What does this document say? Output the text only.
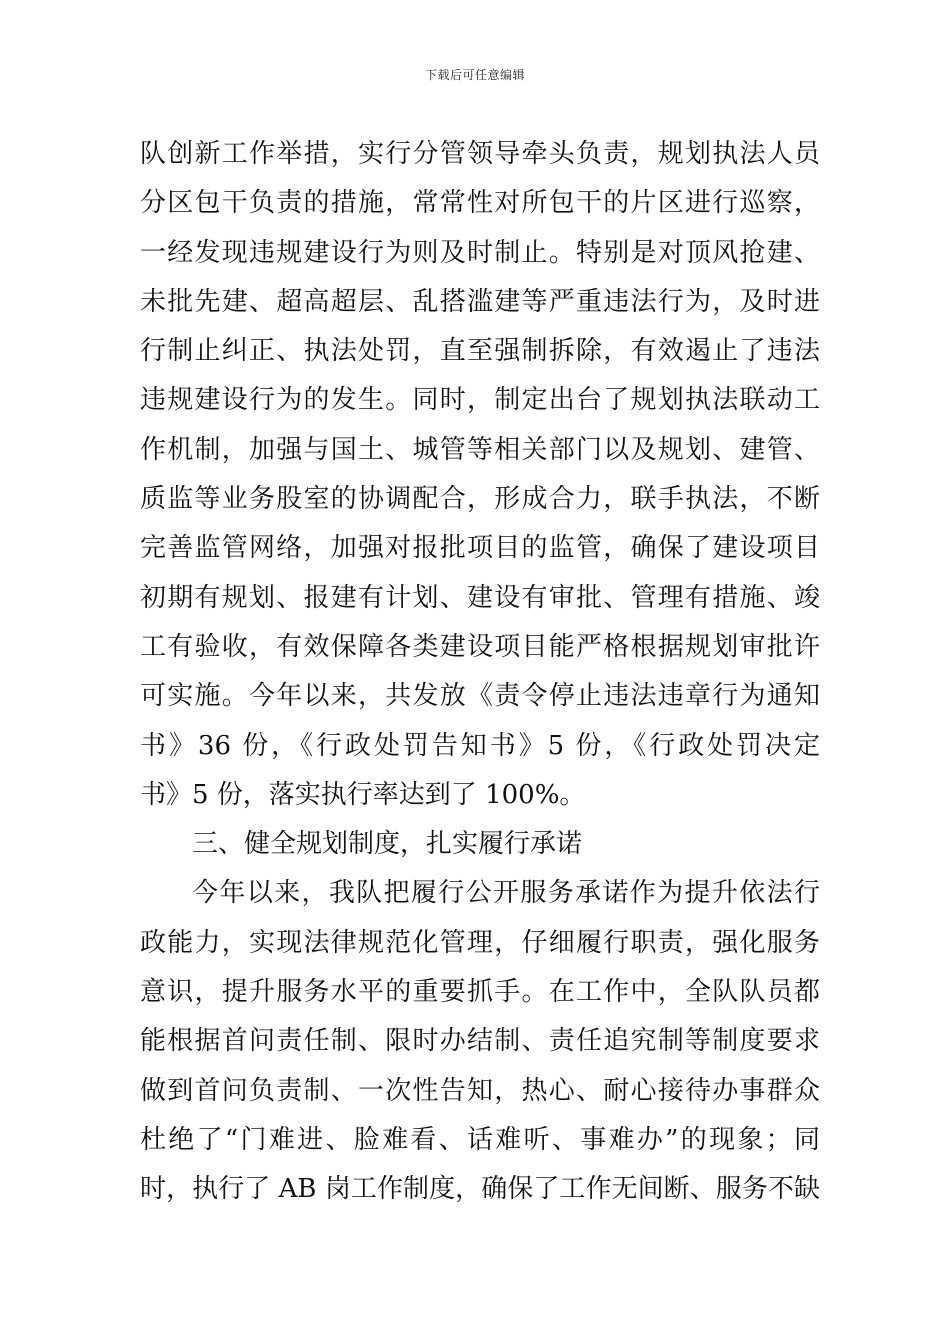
下载后可任意编辑
队创新工作举措，实行分管领导牵头负责，规划执法人员
分区包干负责的措施，常常性对所包干的片区进行巡察，
一经发现违规建设行为则及时制止。特别是对顶风抢建、
未批先建、超高超层、乱搭滥建等严重违法行为，及时进
行制止纠正、执法处罚，直至强制拆除，有效遏止了违法
违规建设行为的发生。同时，制定出台了规划执法联动工
作机制，加强与国土、城管等相关部门以及规划、建管、
质监等业务股室的协调配合，形成合力，联手执法，不断
完善监管网络，加强对报批项目的监管，确保了建设项目
初期有规划、报建有计划、建设有审批、管理有措施、竣
工有验收，有效保障各类建设项目能严格根据规划审批许
可实施。今年以来，共发放《责令停止违法违章行为通知
书》36 份，《行政处罚告知书》5 份，《行政处罚决定
书》5 份，落实执行率达到了 100%。
三、健全规划制度，扎实履行承诺
今年以来，我队把履行公开服务承诺作为提升依法行
政能力，实现法律规范化管理，仔细履行职责，强化服务
意识，提升服务水平的重要抓手。在工作中，全队队员都
能根据首问责任制、限时办结制、责任追究制等制度要求
做到首问负责制、一次性告知，热心、耐心接待办事群众
杜绝了“门难进、脸难看、话难听、事难办”的现象；同
时，执行了 AB 岗工作制度，确保了工作无间断、服务不缺
